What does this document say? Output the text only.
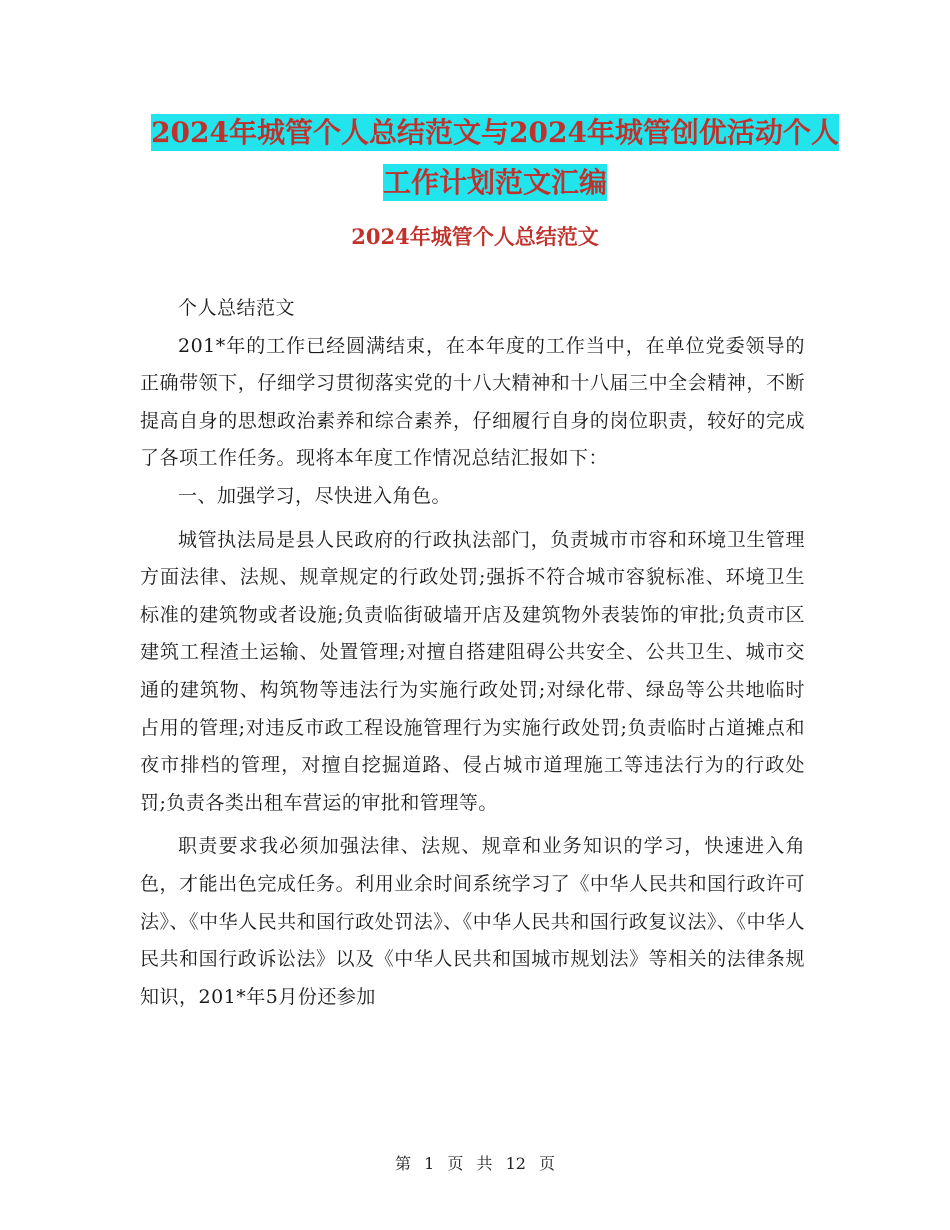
2024年城管个人总结范文与2024年城管创优活动个人
工作计划范文汇编
2024年城管个人总结范文

个人总结范文

201*年的工作已经圆满结束，在本年度的工作当中，在单位党委领导的正确带领下，仔细学习贯彻落实党的十八大精神和十八届三中全会精神，不断提高自身的思想政治素养和综合素养，仔细履行自身的岗位职责，较好的完成了各项工作任务。现将本年度工作情况总结汇报如下：

一、加强学习，尽快进入角色。

城管执法局是县人民政府的行政执法部门，负责城市市容和环境卫生管理方面法律、法规、规章规定的行政处罚;强拆不符合城市容貌标准、环境卫生标准的建筑物或者设施;负责临街破墙开店及建筑物外表装饰的审批;负责市区建筑工程渣土运输、处置管理;对擅自搭建阻碍公共安全、公共卫生、城市交通的建筑物、构筑物等违法行为实施行政处罚;对绿化带、绿岛等公共地临时占用的管理;对违反市政工程设施管理行为实施行政处罚;负责临时占道摊点和夜市排档的管理，对擅自挖掘道路、侵占城市道理施工等违法行为的行政处罚;负责各类出租车营运的审批和管理等。

职责要求我必须加强法律、法规、规章和业务知识的学习，快速进入角色，才能出色完成任务。利用业余时间系统学习了《中华人民共和国行政许可法》、《中华人民共和国行政处罚法》、《中华人民共和国行政复议法》、《中华人民共和国行政诉讼法》以及《中华人民共和国城市规划法》等相关的法律条规知识，201*年5月份还参加

第 1 页 共 12 页
